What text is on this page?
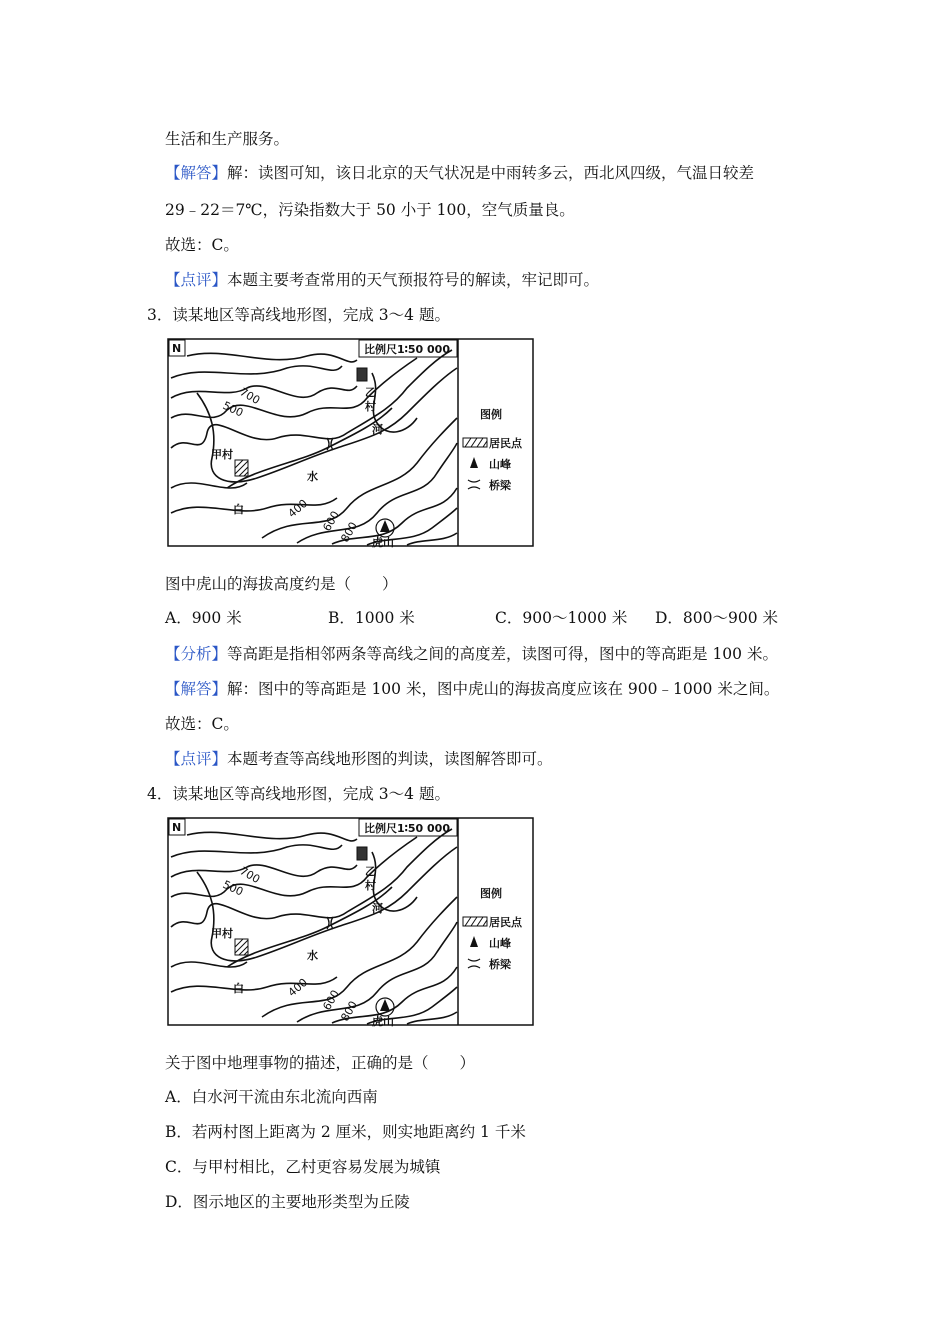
生活和生产服务。
【解答】解：读图可知，该日北京的天气状况是中雨转多云，西北风四级，气温日较差
29﹣22＝7℃，污染指数大于 50 小于 100，空气质量良。
故选：C。
【点评】本题主要考查常用的天气预报符号的解读，牢记即可。
3．读某地区等高线地形图，完成 3～4 题。
比例尺1∶50 000
N
700
500
400
600
800
甲村
乙
村
白
水
河
虎山
图例
居民点
山峰
桥梁
图中虎山的海拔高度约是（　　）
A．900 米	B．1000 米	C．900～1000 米 D．800～900 米
【分析】等高距是指相邻两条等高线之间的高度差，读图可得，图中的等高距是 100 米。
【解答】解：图中的等高距是 100 米，图中虎山的海拔高度应该在 900﹣1000 米之间。
故选：C。
【点评】本题考查等高线地形图的判读，读图解答即可。
4．读某地区等高线地形图，完成 3～4 题。
比例尺1∶50 000
N
700
500
400
600
800
甲村
乙
村
白
水
河
虎山
图例
居民点
山峰
桥梁
关于图中地理事物的描述，正确的是（　　）
A．白水河干流由东北流向西南
B．若两村图上距离为 2 厘米，则实地距离约 1 千米
C．与甲村相比，乙村更容易发展为城镇
D．图示地区的主要地形类型为丘陵
